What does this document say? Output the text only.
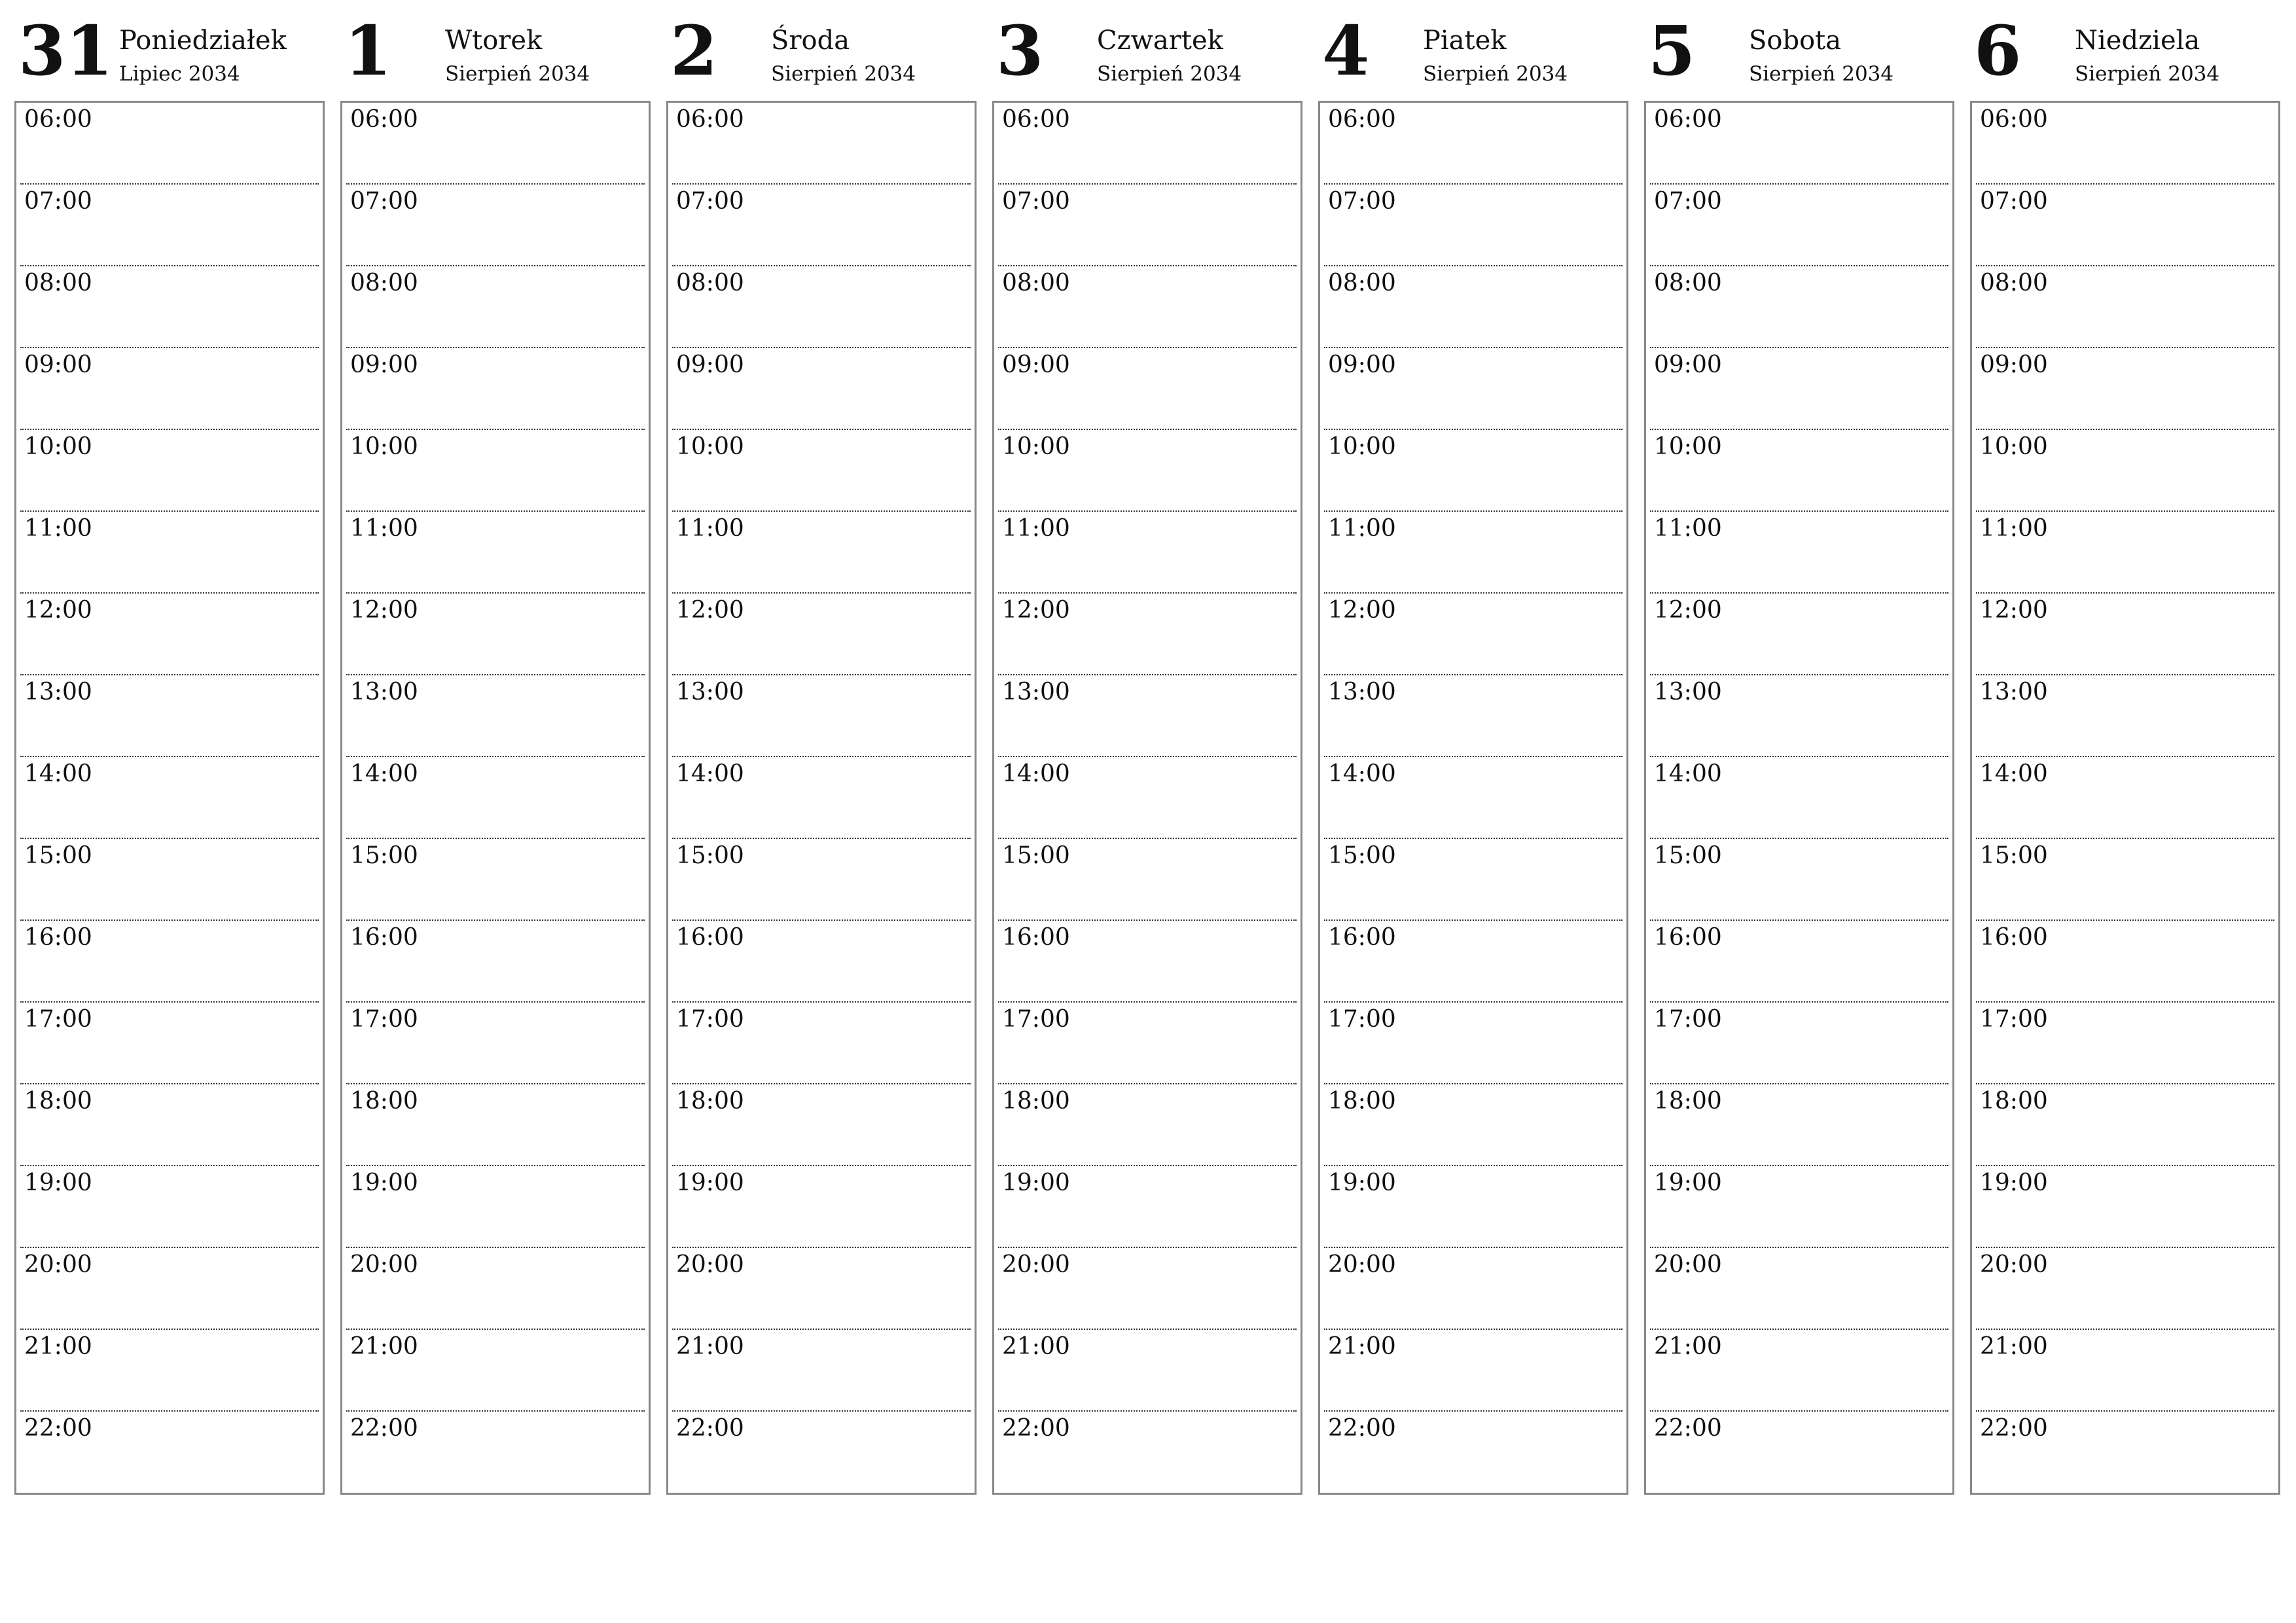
31 Poniedziałek
Lipiec 2034
06:00
07:00
08:00
09:00
10:00
11:00
12:00
13:00
14:00
15:00
16:00
17:00
18:00
19:00
20:00
21:00
22:00
1 Wtorek
Sierpień 2034
06:00
07:00
08:00
09:00
10:00
11:00
12:00
13:00
14:00
15:00
16:00
17:00
18:00
19:00
20:00
21:00
22:00
2 Środa
Sierpień 2034
06:00
07:00
08:00
09:00
10:00
11:00
12:00
13:00
14:00
15:00
16:00
17:00
18:00
19:00
20:00
21:00
22:00
3 Czwartek
Sierpień 2034
06:00
07:00
08:00
09:00
10:00
11:00
12:00
13:00
14:00
15:00
16:00
17:00
18:00
19:00
20:00
21:00
22:00
4 Piatek
Sierpień 2034
06:00
07:00
08:00
09:00
10:00
11:00
12:00
13:00
14:00
15:00
16:00
17:00
18:00
19:00
20:00
21:00
22:00
5 Sobota
Sierpień 2034
06:00
07:00
08:00
09:00
10:00
11:00
12:00
13:00
14:00
15:00
16:00
17:00
18:00
19:00
20:00
21:00
22:00
6 Niedziela
Sierpień 2034
06:00
07:00
08:00
09:00
10:00
11:00
12:00
13:00
14:00
15:00
16:00
17:00
18:00
19:00
20:00
21:00
22:00
